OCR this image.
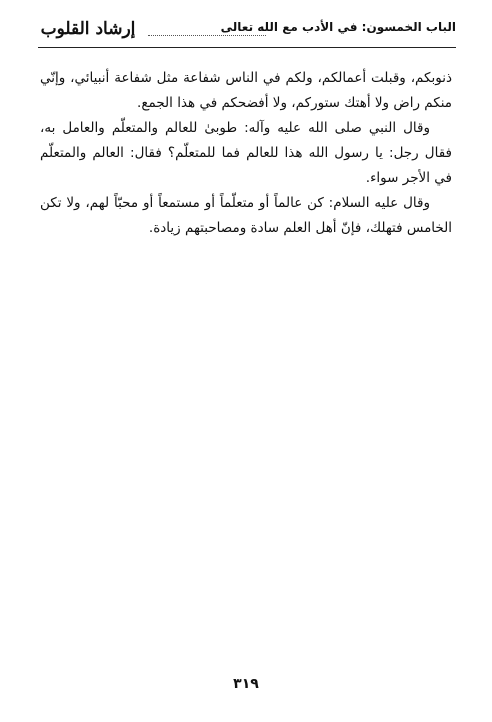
إرشاد القلوب	الباب الخمسون: في الأدب مع الله تعالى

ذنوبكم، وقبلت أعمالكم، ولكم في الناس شفاعة مثل شفاعة أنبيائي، وإنّي منكم راض ولا أهتك ستوركم، ولا أفضحكم في هذا الجمع.

وقال النبي صلى الله عليه وآله: طوبىٰ للعالم والمتعلّم والعامل به، فقال رجل: يا رسول الله هذا للعالم فما للمتعلّم؟ فقال: العالم والمتعلّم في الأجر سواء.

وقال عليه السلام: كن عالماً أو متعلّماً أو مستمعاً أو محبّاً لهم، ولا تكن الخامس فتهلك، فإنّ أهل العلم سادة ومصاحبتهم زيادة.

٣١٩
